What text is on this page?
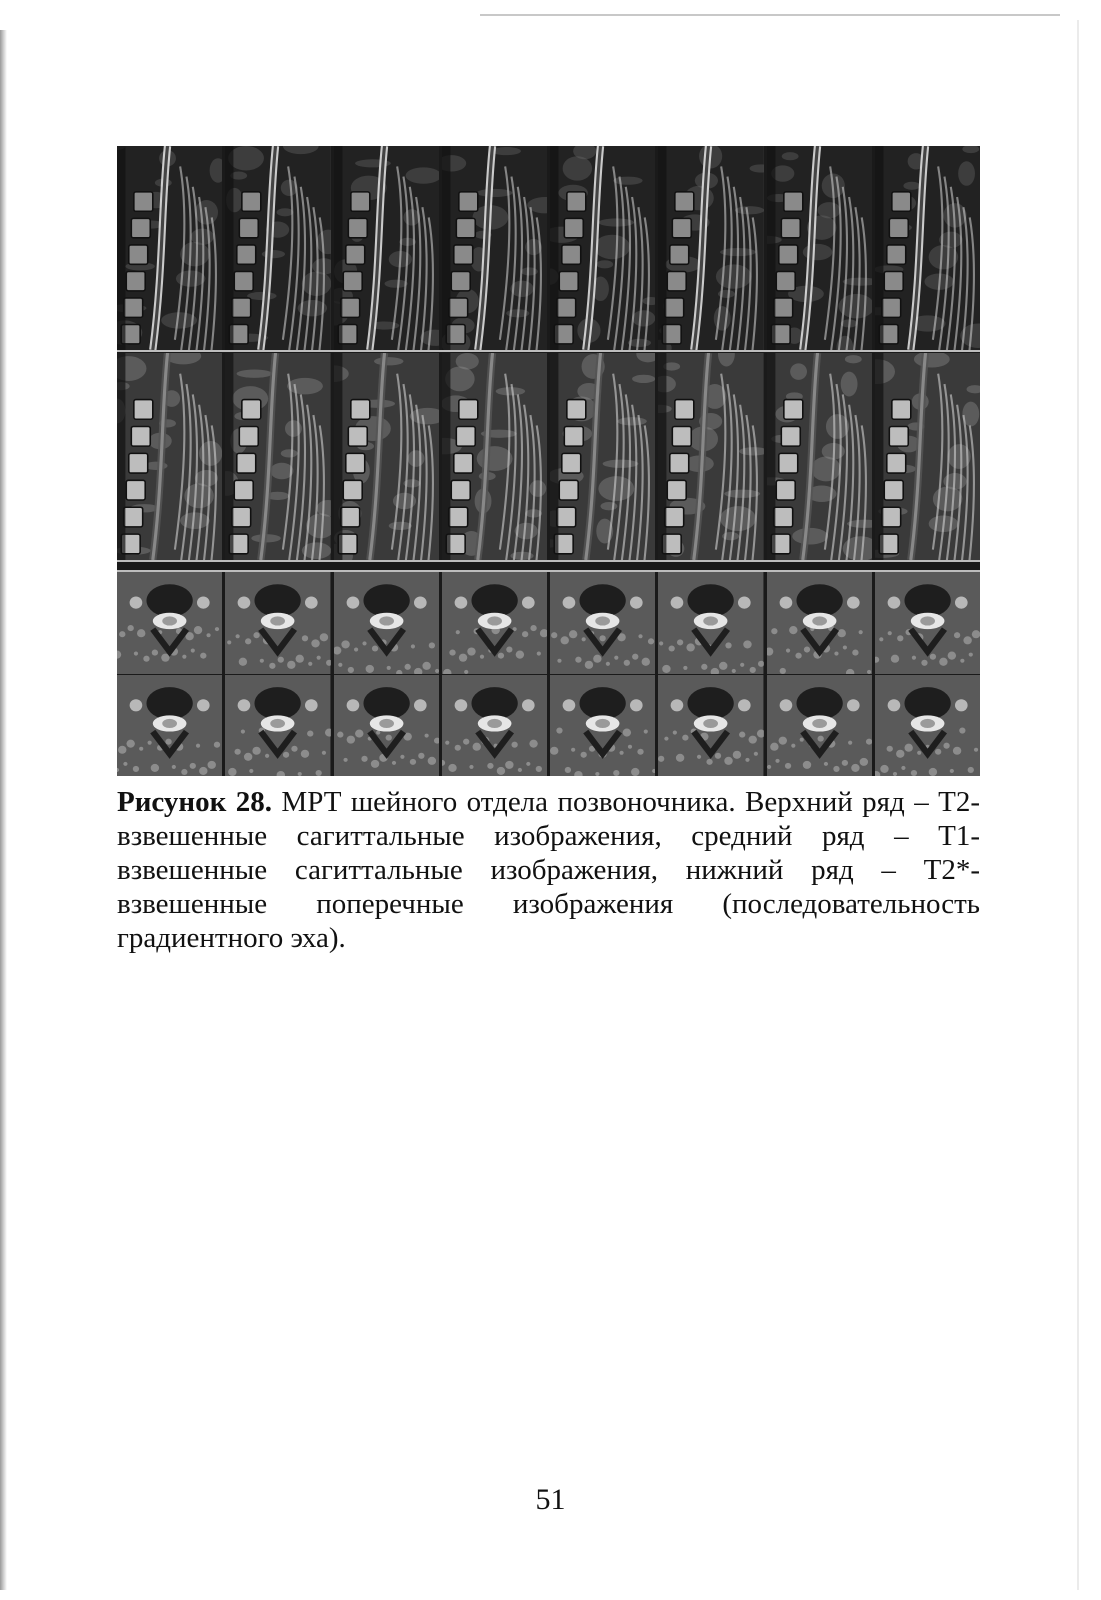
Рисунок 28. МРТ шейного отдела позвоночника. Верхний ряд – Т2-взвешенные сагиттальные изображения, средний ряд – Т1-взвешенные сагиттальные изображения, нижний ряд – Т2*-взвешенные поперечные изображения (последовательность градиентного эха).

51
